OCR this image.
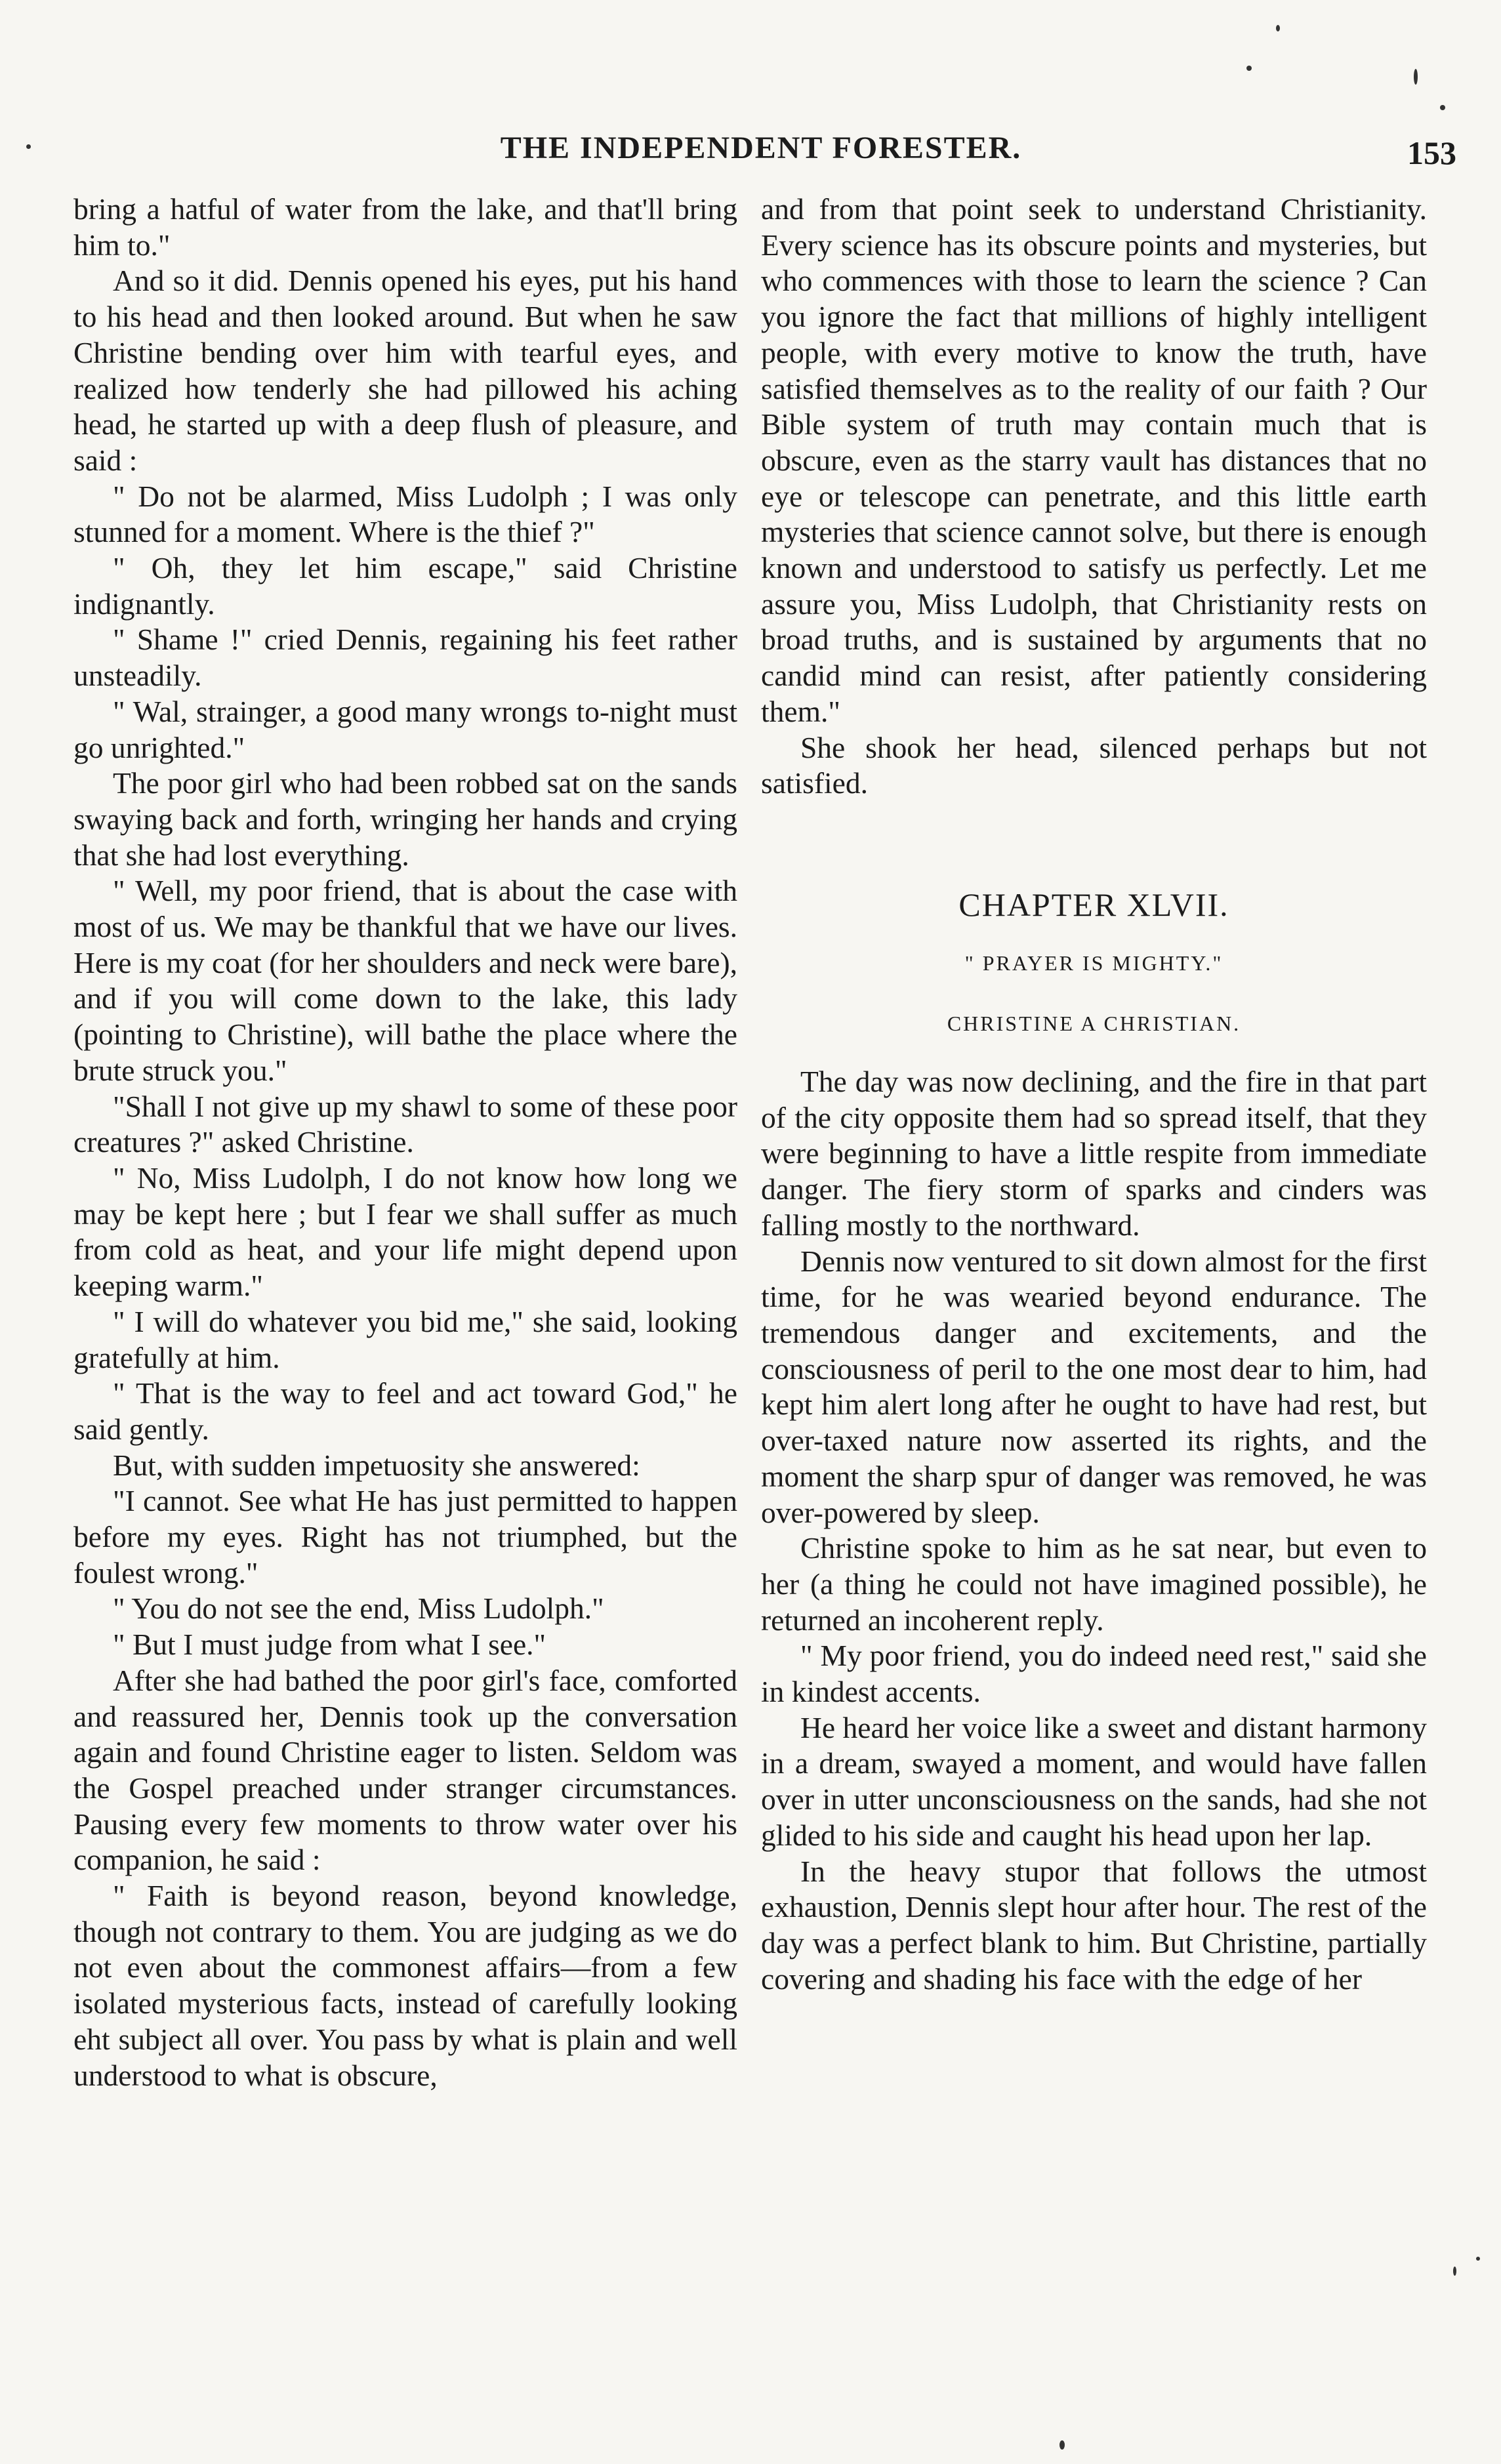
THE INDEPENDENT FORESTER.	153

bring a hatful of water from the lake, and that'll bring him to."

And so it did. Dennis opened his eyes, put his hand to his head and then looked around. But when he saw Christine bending over him with tearful eyes, and realized how tenderly she had pillowed his aching head, he started up with a deep flush of pleasure, and said :

" Do not be alarmed, Miss Ludolph ; I was only stunned for a moment. Where is the thief ?"

" Oh, they let him escape," said Christine indignantly.

" Shame !" cried Dennis, regaining his feet rather unsteadily.

" Wal, strainger, a good many wrongs to-night must go unrighted."

The poor girl who had been robbed sat on the sands swaying back and forth, wringing her hands and crying that she had lost everything.

" Well, my poor friend, that is about the case with most of us. We may be thankful that we have our lives. Here is my coat (for her shoulders and neck were bare), and if you will come down to the lake, this lady (pointing to Christine), will bathe the place where the brute struck you."

"Shall I not give up my shawl to some of these poor creatures ?" asked Christine.

" No, Miss Ludolph, I do not know how long we may be kept here ; but I fear we shall suffer as much from cold as heat, and your life might depend upon keeping warm."

" I will do whatever you bid me," she said, looking gratefully at him.

" That is the way to feel and act toward God," he said gently.

But, with sudden impetuosity she answered:

"I cannot. See what He has just permitted to happen before my eyes. Right has not triumphed, but the foulest wrong."

" You do not see the end, Miss Ludolph."

" But I must judge from what I see."

After she had bathed the poor girl's face, comforted and reassured her, Dennis took up the conversation again and found Christine eager to listen. Seldom was the Gospel preached under stranger circumstances. Pausing every few moments to throw water over his companion, he said :

" Faith is beyond reason, beyond knowledge, though not contrary to them. You are judging as we do not even about the commonest affairs—from a few isolated mysterious facts, instead of carefully looking eht subject all over. You pass by what is plain and well understood to what is obscure,

and from that point seek to understand Christianity. Every science has its obscure points and mysteries, but who commences with those to learn the science ? Can you ignore the fact that millions of highly intelligent people, with every motive to know the truth, have satisfied themselves as to the reality of our faith ? Our Bible system of truth may contain much that is obscure, even as the starry vault has distances that no eye or telescope can penetrate, and this little earth mysteries that science cannot solve, but there is enough known and understood to satisfy us perfectly. Let me assure you, Miss Ludolph, that Christianity rests on broad truths, and is sustained by arguments that no candid mind can resist, after patiently considering them."

She shook her head, silenced perhaps but not satisfied.

CHAPTER XLVII.
" PRAYER IS MIGHTY."
CHRISTINE A CHRISTIAN.

The day was now declining, and the fire in that part of the city opposite them had so spread itself, that they were beginning to have a little respite from immediate danger. The fiery storm of sparks and cinders was falling mostly to the northward.

Dennis now ventured to sit down almost for the first time, for he was wearied beyond endurance. The tremendous danger and excitements, and the consciousness of peril to the one most dear to him, had kept him alert long after he ought to have had rest, but over-taxed nature now asserted its rights, and the moment the sharp spur of danger was removed, he was over-powered by sleep.

Christine spoke to him as he sat near, but even to her (a thing he could not have imagined possible), he returned an incoherent reply.

" My poor friend, you do indeed need rest," said she in kindest accents.

He heard her voice like a sweet and distant harmony in a dream, swayed a moment, and would have fallen over in utter unconsciousness on the sands, had she not glided to his side and caught his head upon her lap.

In the heavy stupor that follows the utmost exhaustion, Dennis slept hour after hour. The rest of the day was a perfect blank to him. But Christine, partially covering and shading his face with the edge of her
